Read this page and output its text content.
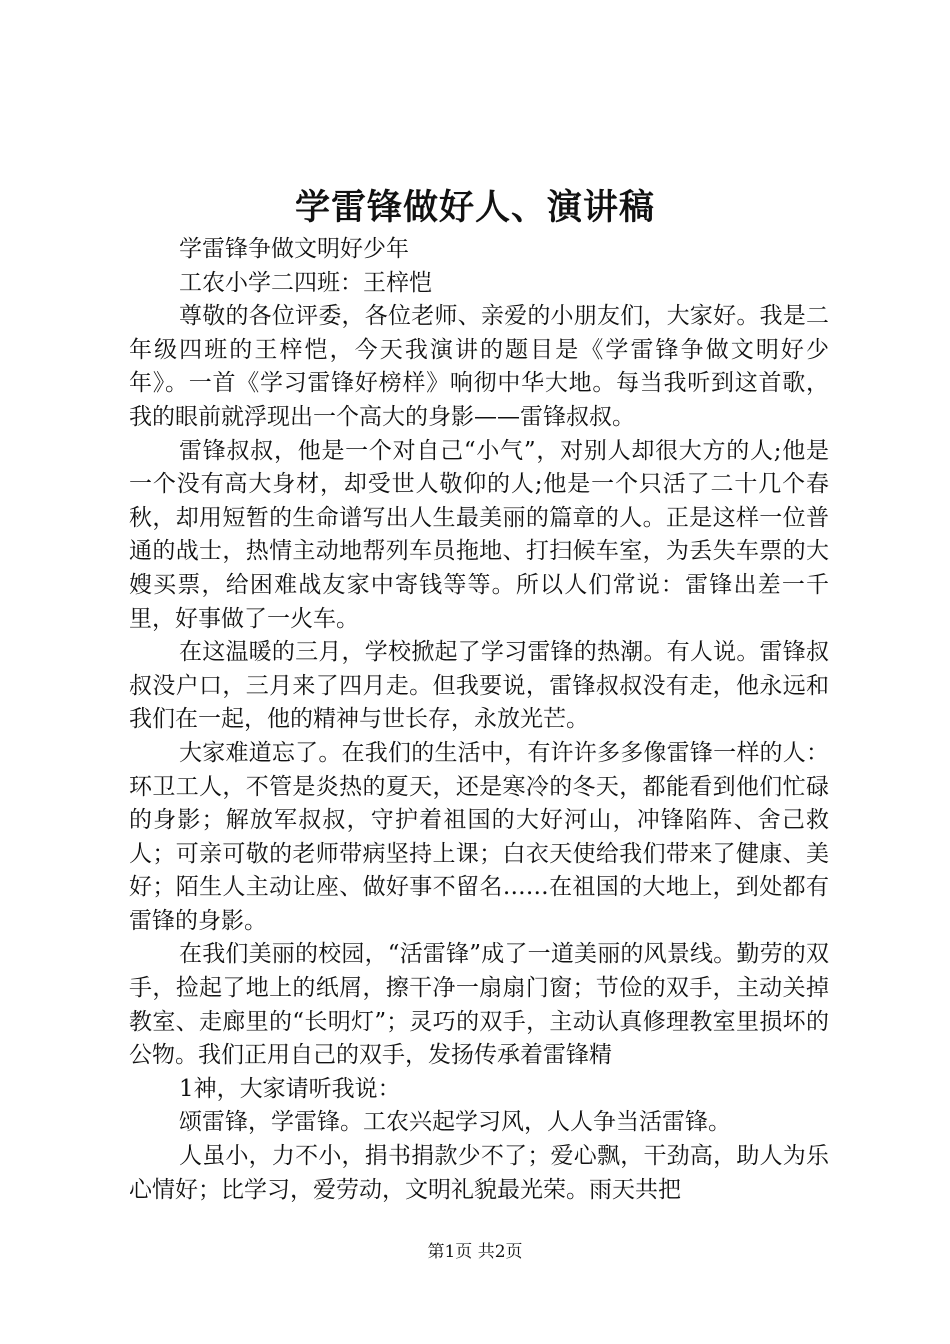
学雷锋做好人、演讲稿

学雷锋争做文明好少年

工农小学二四班：王梓恺

尊敬的各位评委，各位老师、亲爱的小朋友们，大家好。我是二年级四班的王梓恺，今天我演讲的题目是《学雷锋争做文明好少年》。一首《学习雷锋好榜样》响彻中华大地。每当我听到这首歌，我的眼前就浮现出一个高大的身影——雷锋叔叔。

雷锋叔叔，他是一个对自己“小气”，对别人却很大方的人;他是一个没有高大身材，却受世人敬仰的人;他是一个只活了二十几个春秋，却用短暂的生命谱写出人生最美丽的篇章的人。正是这样一位普通的战士，热情主动地帮列车员拖地、打扫候车室，为丢失车票的大嫂买票，给困难战友家中寄钱等等。所以人们常说：雷锋出差一千里，好事做了一火车。

在这温暖的三月，学校掀起了学习雷锋的热潮。有人说。雷锋叔叔没户口，三月来了四月走。但我要说，雷锋叔叔没有走，他永远和我们在一起，他的精神与世长存，永放光芒。

大家难道忘了。在我们的生活中，有许许多多像雷锋一样的人：环卫工人，不管是炎热的夏天，还是寒冷的冬天，都能看到他们忙碌的身影；解放军叔叔，守护着祖国的大好河山，冲锋陷阵、舍己救人；可亲可敬的老师带病坚持上课；白衣天使给我们带来了健康、美好；陌生人主动让座、做好事不留名……在祖国的大地上，到处都有雷锋的身影。

在我们美丽的校园，“活雷锋”成了一道美丽的风景线。勤劳的双手，捡起了地上的纸屑，擦干净一扇扇门窗；节俭的双手，主动关掉教室、走廊里的“长明灯”；灵巧的双手，主动认真修理教室里损坏的公物。我们正用自己的双手，发扬传承着雷锋精

1神，大家请听我说：

颂雷锋，学雷锋。工农兴起学习风，人人争当活雷锋。

人虽小，力不小，捐书捐款少不了；爱心飘，干劲高，助人为乐心情好；比学习，爱劳动，文明礼貌最光荣。雨天共把

第1页 共2页
